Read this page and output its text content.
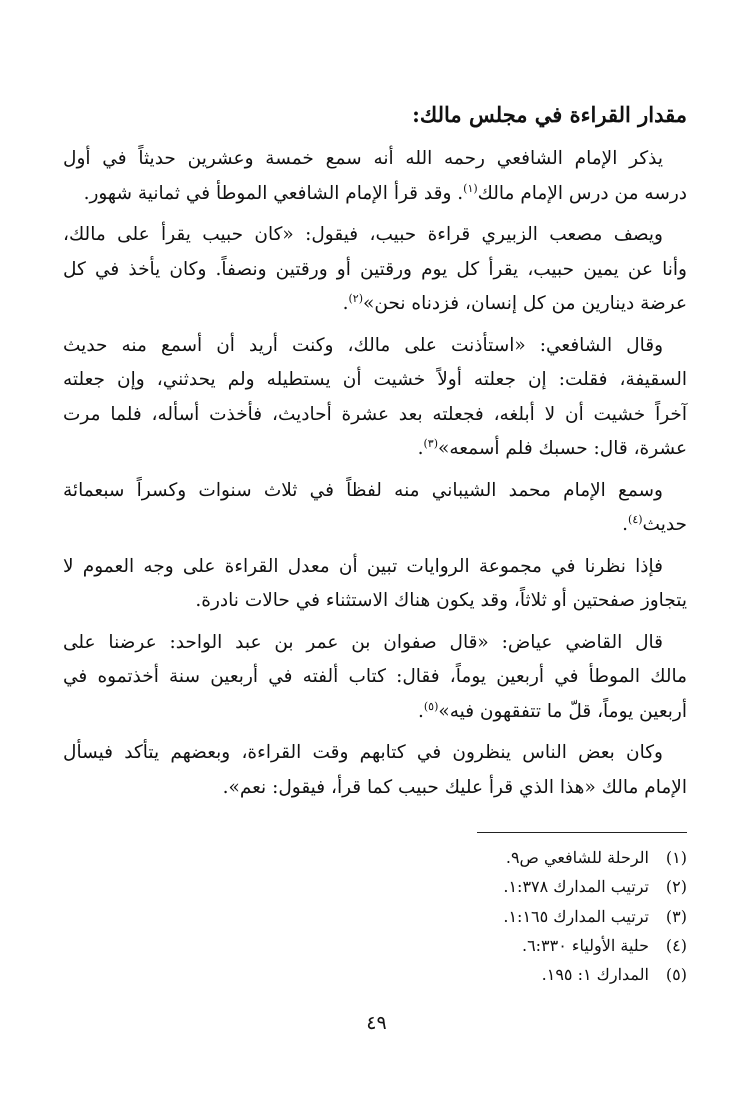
مقدار القراءة في مجلس مالك:

يذكر الإمام الشافعي رحمه الله أنه سمع خمسة وعشرين حديثاً في أول
درسه من درس الإمام مالك$^{(١)}$. وقد قرأ الإمام الشافعي الموطأ في ثمانية شهور.

ويصف مصعب الزبيري قراءة حبيب، فيقول: «كان حبيب يقرأ على مالك،
وأنا عن يمين حبيب، يقرأ كل يوم ورقتين أو ورقتين ونصفاً. وكان يأخذ في كل
عرضة دينارين من كل إنسان، فزدناه نحن»$^{(٢)}$.

وقال الشافعي: «استأذنت على مالك، وكنت أريد أن أسمع منه حديث
السقيفة، فقلت: إن جعلته أولاً خشيت أن يستطيله ولم يحدثني، وإن جعلته
آخراً خشيت أن لا أبلغه، فجعلته بعد عشرة أحاديث، فأخذت أسأله، فلما مرت
عشرة، قال: حسبك فلم أسمعه»$^{(٣)}$.

وسمع الإمام محمد الشيباني منه لفظاً في ثلاث سنوات وكسراً سبعمائة
حديث$^{(٤)}$.

فإذا نظرنا في مجموعة الروايات تبين أن معدل القراءة على وجه العموم لا
يتجاوز صفحتين أو ثلاثاً، وقد يكون هناك الاستثناء في حالات نادرة.

قال القاضي عياض: «قال صفوان بن عمر بن عبد الواحد: عرضنا على
مالك الموطأ في أربعين يوماً، فقال: كتاب ألفته في أربعين سنة أخذتموه في
أربعين يوماً، قلّ ما تتفقهون فيه»$^{(٥)}$.

وكان بعض الناس ينظرون في كتابهم وقت القراءة، وبعضهم يتأكد فيسأل
الإمام مالك «هذا الذي قرأ عليك حبيب كما قرأ، فيقول: نعم».

(١)الرحلة للشافعي ص٩.
(٢)ترتيب المدارك ١:٣٧٨.
(٣)ترتيب المدارك ١:١٦٥.
(٤)حلية الأولياء ٦:٣٣٠.
(٥)المدارك ١: ١٩٥.
٤٩
